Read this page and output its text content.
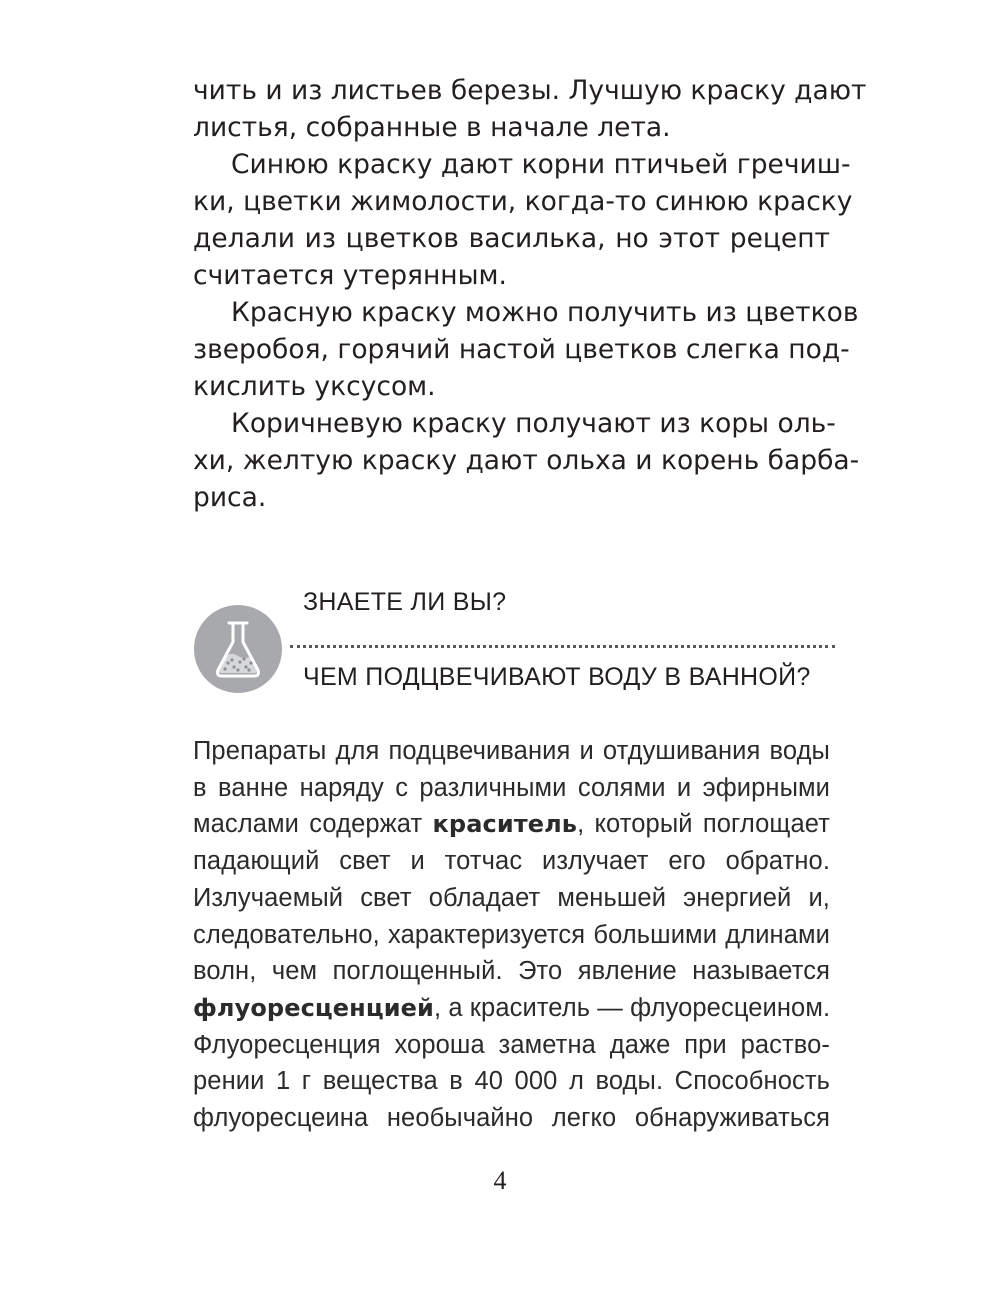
чить и из листьев березы. Лучшую краску дают
листья, собранные в начале лета.
Синюю краску дают корни птичьей гречиш-
ки, цветки жимолости, когда-то синюю краску
делали из цветков василька, но этот рецепт
считается утерянным.
Красную краску можно получить из цветков
зверобоя, горячий настой цветков слегка под-
кислить уксусом.
Коричневую краску получают из коры оль-
хи, желтую краску дают ольха и корень барба-
риса.
ЗНАЕТЕ ЛИ ВЫ?
ЧЕМ ПОДЦВЕЧИВАЮТ ВОДУ В ВАННОЙ?
Препараты для подцвечивания и отдушивания воды
в ванне наряду с различными солями и эфирными
маслами содержат краситель, который поглощает
падающий свет и тотчас излучает его обратно.
Излучаемый свет обладает меньшей энергией и,
следовательно, характеризуется большими длинами
волн, чем поглощенный. Это явление называется
флуоресценцией, а краситель — флуоресцеином.
Флуоресценция хороша заметна даже при раство-
рении 1 г вещества в 40 000 л воды. Способность
флуоресцеина необычайно легко обнаруживаться
4
